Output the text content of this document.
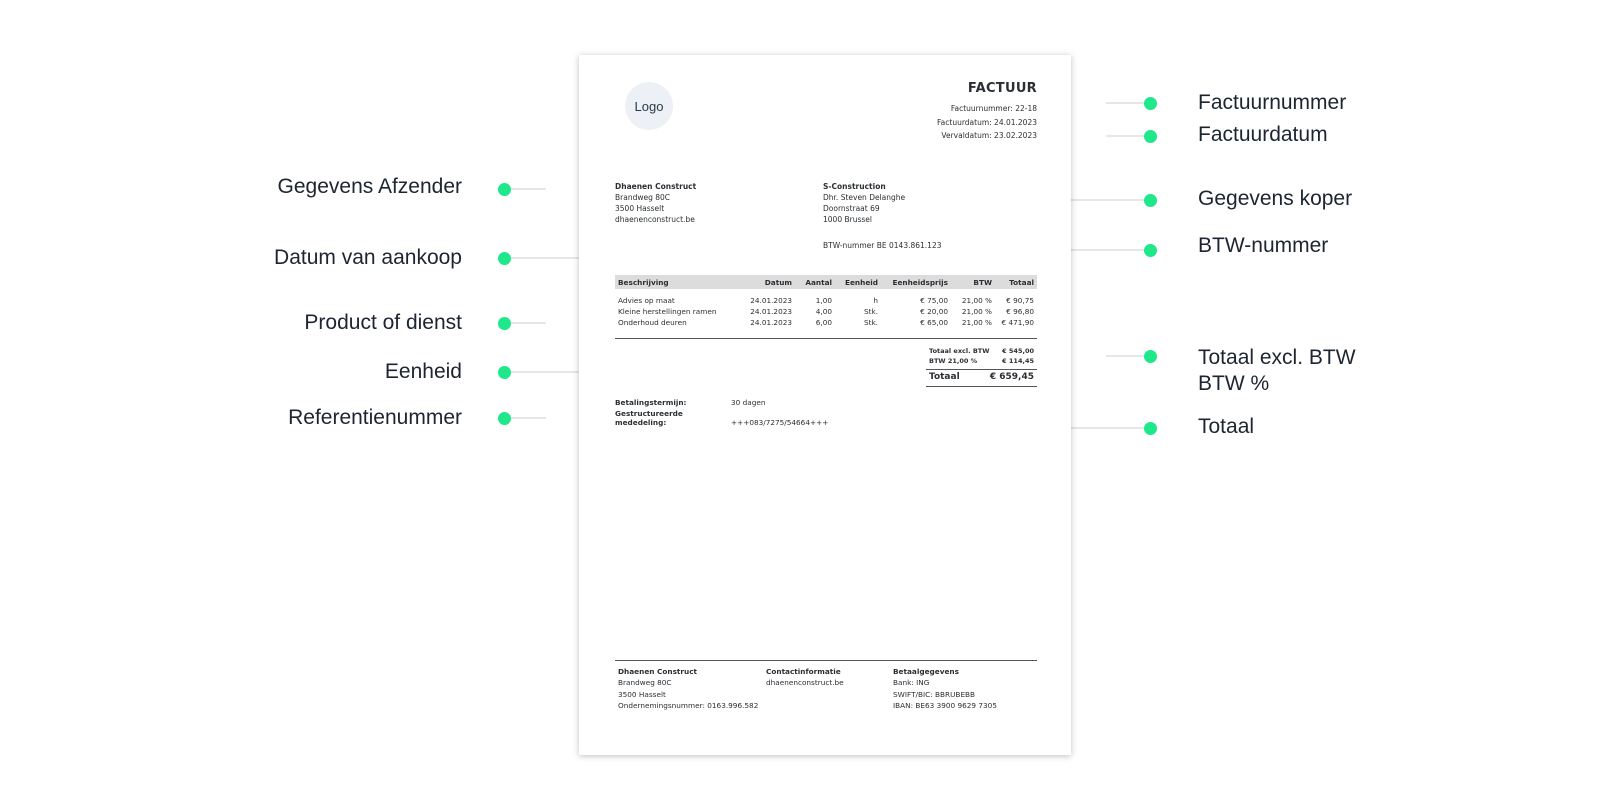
Gegevens Afzender
Datum van aankoop
Product of dienst
Eenheid
Referentienummer
Factuurnummer
Factuurdatum
Gegevens koper
BTW-nummer
Totaal excl. BTW
BTW %
Totaal
Logo
FACTUUR
Factuurnummer: 22-18
Factuurdatum: 24.01.2023
Vervaldatum: 23.02.2023
Dhaenen Construct
Brandweg 80C
3500 Hasselt
dhaenenconstruct.be
S-Construction
Dhr. Steven Delanghe
Doornstraat 69
1000 Brussel
BTW-nummer BE 0143.861.123
Beschrijving	Datum	Aantal	Eenheid	Eenheidsprijs	BTW	Totaal
Advies op maat	24.01.2023	1,00	h	€ 75,00	21,00 %	€ 90,75
Kleine herstellingen ramen	24.01.2023	4,00	Stk.	€ 20,00	21,00 %	€ 96,80
Onderhoud deuren	24.01.2023	6,00	Stk.	€ 65,00	21,00 %	€ 471,90
Totaal excl. BTW € 545,00
BTW 21,00 %	€ 114,45
Totaal	€ 659,45
Betalingstermijn:	30 dagen
Gestructureerde mededeling:	+++083/7275/54664+++
Dhaenen Construct
Brandweg 80C
3500 Hasselt
Ondernemingsnummer: 0163.996.582
Contactinformatie
dhaenenconstruct.be
Betaalgegevens
Bank: ING
SWIFT/BIC: BBRUBEBB
IBAN: BE63 3900 9629 7305
